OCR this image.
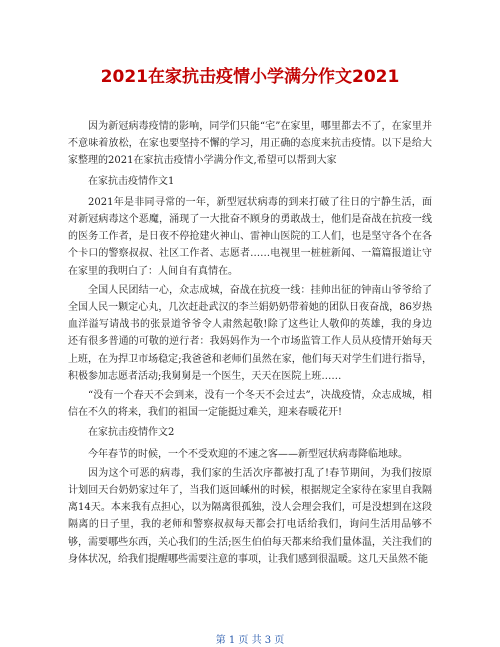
2021在家抗击疫情小学满分作文2021

因为新冠病毒疫情的影响，同学们只能“宅”在家里，哪里都去不了，在家里并不意味着放松，在家也要坚持不懈的学习，用正确的态度来抗击疫情。以下是给大家整理的2021在家抗击疫情小学满分作文,希望可以帮到大家

在家抗击疫情作文1

2021年是非同寻常的一年，新型冠状病毒的到来打破了往日的宁静生活，面对新冠病毒这个恶魔，涌现了一大批奋不顾身的勇敢战士，他们是奋战在抗疫一线的医务工作者，是日夜不停抢建火神山、雷神山医院的工人们，也是坚守各个在各个卡口的警察叔叔、社区工作者、志愿者……电视里一桩桩新闻、一篇篇报道让守在家里的我明白了：人间自有真情在。

全国人民团结一心，众志成城，奋战在抗疫一线：挂帅出征的钟南山爷爷给了全国人民一颗定心丸，几次赶赴武汉的李兰娟奶奶带着她的团队日夜奋战，86岁热血洋溢写请战书的张景道爷爷令人肃然起敬!除了这些让人敬仰的英雄，我的身边还有很多普通的可敬的逆行者：我妈妈作为一个市场监管工作人员从疫情开始每天上班，在为捍卫市场稳定;我爸爸和老师们虽然在家，他们每天对学生们进行指导，积极参加志愿者活动;我舅舅是一个医生，天天在医院上班……

“没有一个春天不会到来，没有一个冬天不会过去”，决战疫情，众志成城，相信在不久的将来，我们的祖国一定能挺过难关，迎来春暖花开!

在家抗击疫情作文2

今年春节的时候，一个不受欢迎的不速之客——新型冠状病毒降临地球。

因为这个可恶的病毒，我们家的生活次序都被打乱了!春节期间，为我们按原计划回天台奶奶家过年了，当我们返回嵊州的时候，根据规定全家待在家里自我隔离14天。本来我有点担心，以为隔离很孤独，没人会理会我们，可是没想到在这段隔离的日子里，我的老师和警察叔叔每天都会打电话给我们，询问生活用品够不够，需要哪些东西，关心我们的生活;医生伯伯每天都来给我们量体温，关注我们的身体状况，给我们提醒哪些需要注意的事项，让我们感到很温暖。这几天虽然不能

第 1 页 共 3 页
